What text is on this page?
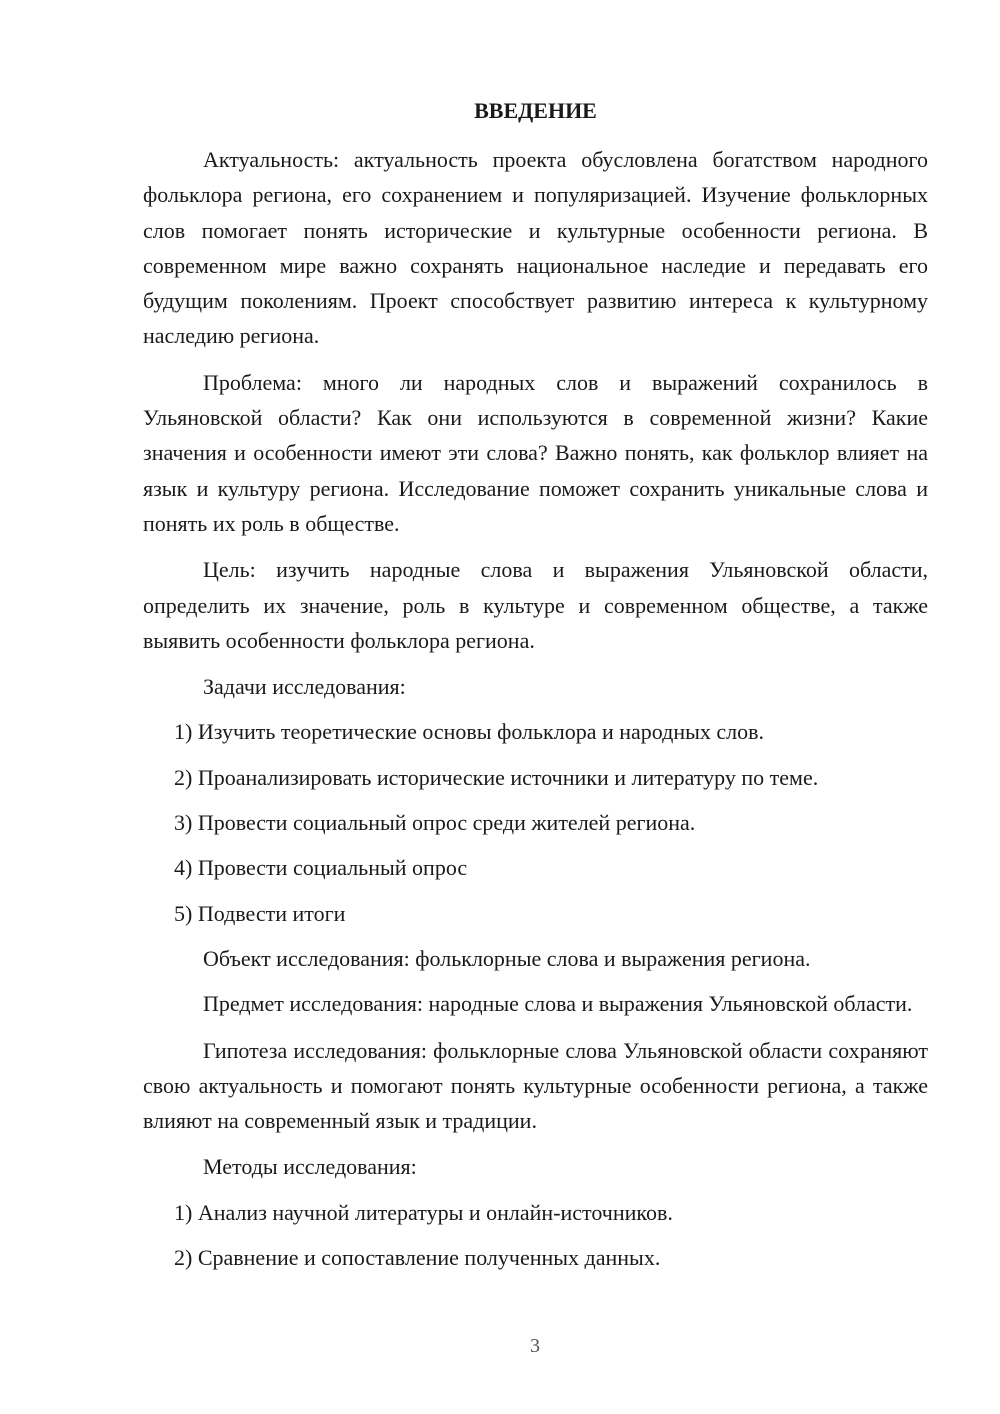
ВВЕДЕНИЕ
Актуальность: актуальность проекта обусловлена богатством народного фольклора региона, его сохранением и популяризацией. Изучение фольклорных слов помогает понять исторические и культурные особенности региона. В современном мире важно сохранять национальное наследие и передавать его будущим поколениям. Проект способствует развитию интереса к культурному наследию региона.
Проблема: много ли народных слов и выражений сохранилось в Ульяновской области? Как они используются в современной жизни? Какие значения и особенности имеют эти слова? Важно понять, как фольклор влияет на язык и культуру региона. Исследование поможет сохранить уникальные слова и понять их роль в обществе.
Цель: изучить народные слова и выражения Ульяновской области, определить их значение, роль в культуре и современном обществе, а также выявить особенности фольклора региона.
Задачи исследования:
1) Изучить теоретические основы фольклора и народных слов.
2) Проанализировать исторические источники и литературу по теме.
3) Провести социальный опрос среди жителей региона.
4) Провести социальный опрос
5) Подвести итоги
Объект исследования: фольклорные слова и выражения региона.
Предмет исследования: народные слова и выражения Ульяновской области.
Гипотеза исследования: фольклорные слова Ульяновской области сохраняют свою актуальность и помогают понять культурные особенности региона, а также влияют на современный язык и традиции.
Методы исследования:
1) Анализ научной литературы и онлайн-источников.
2) Сравнение и сопоставление полученных данных.
3
